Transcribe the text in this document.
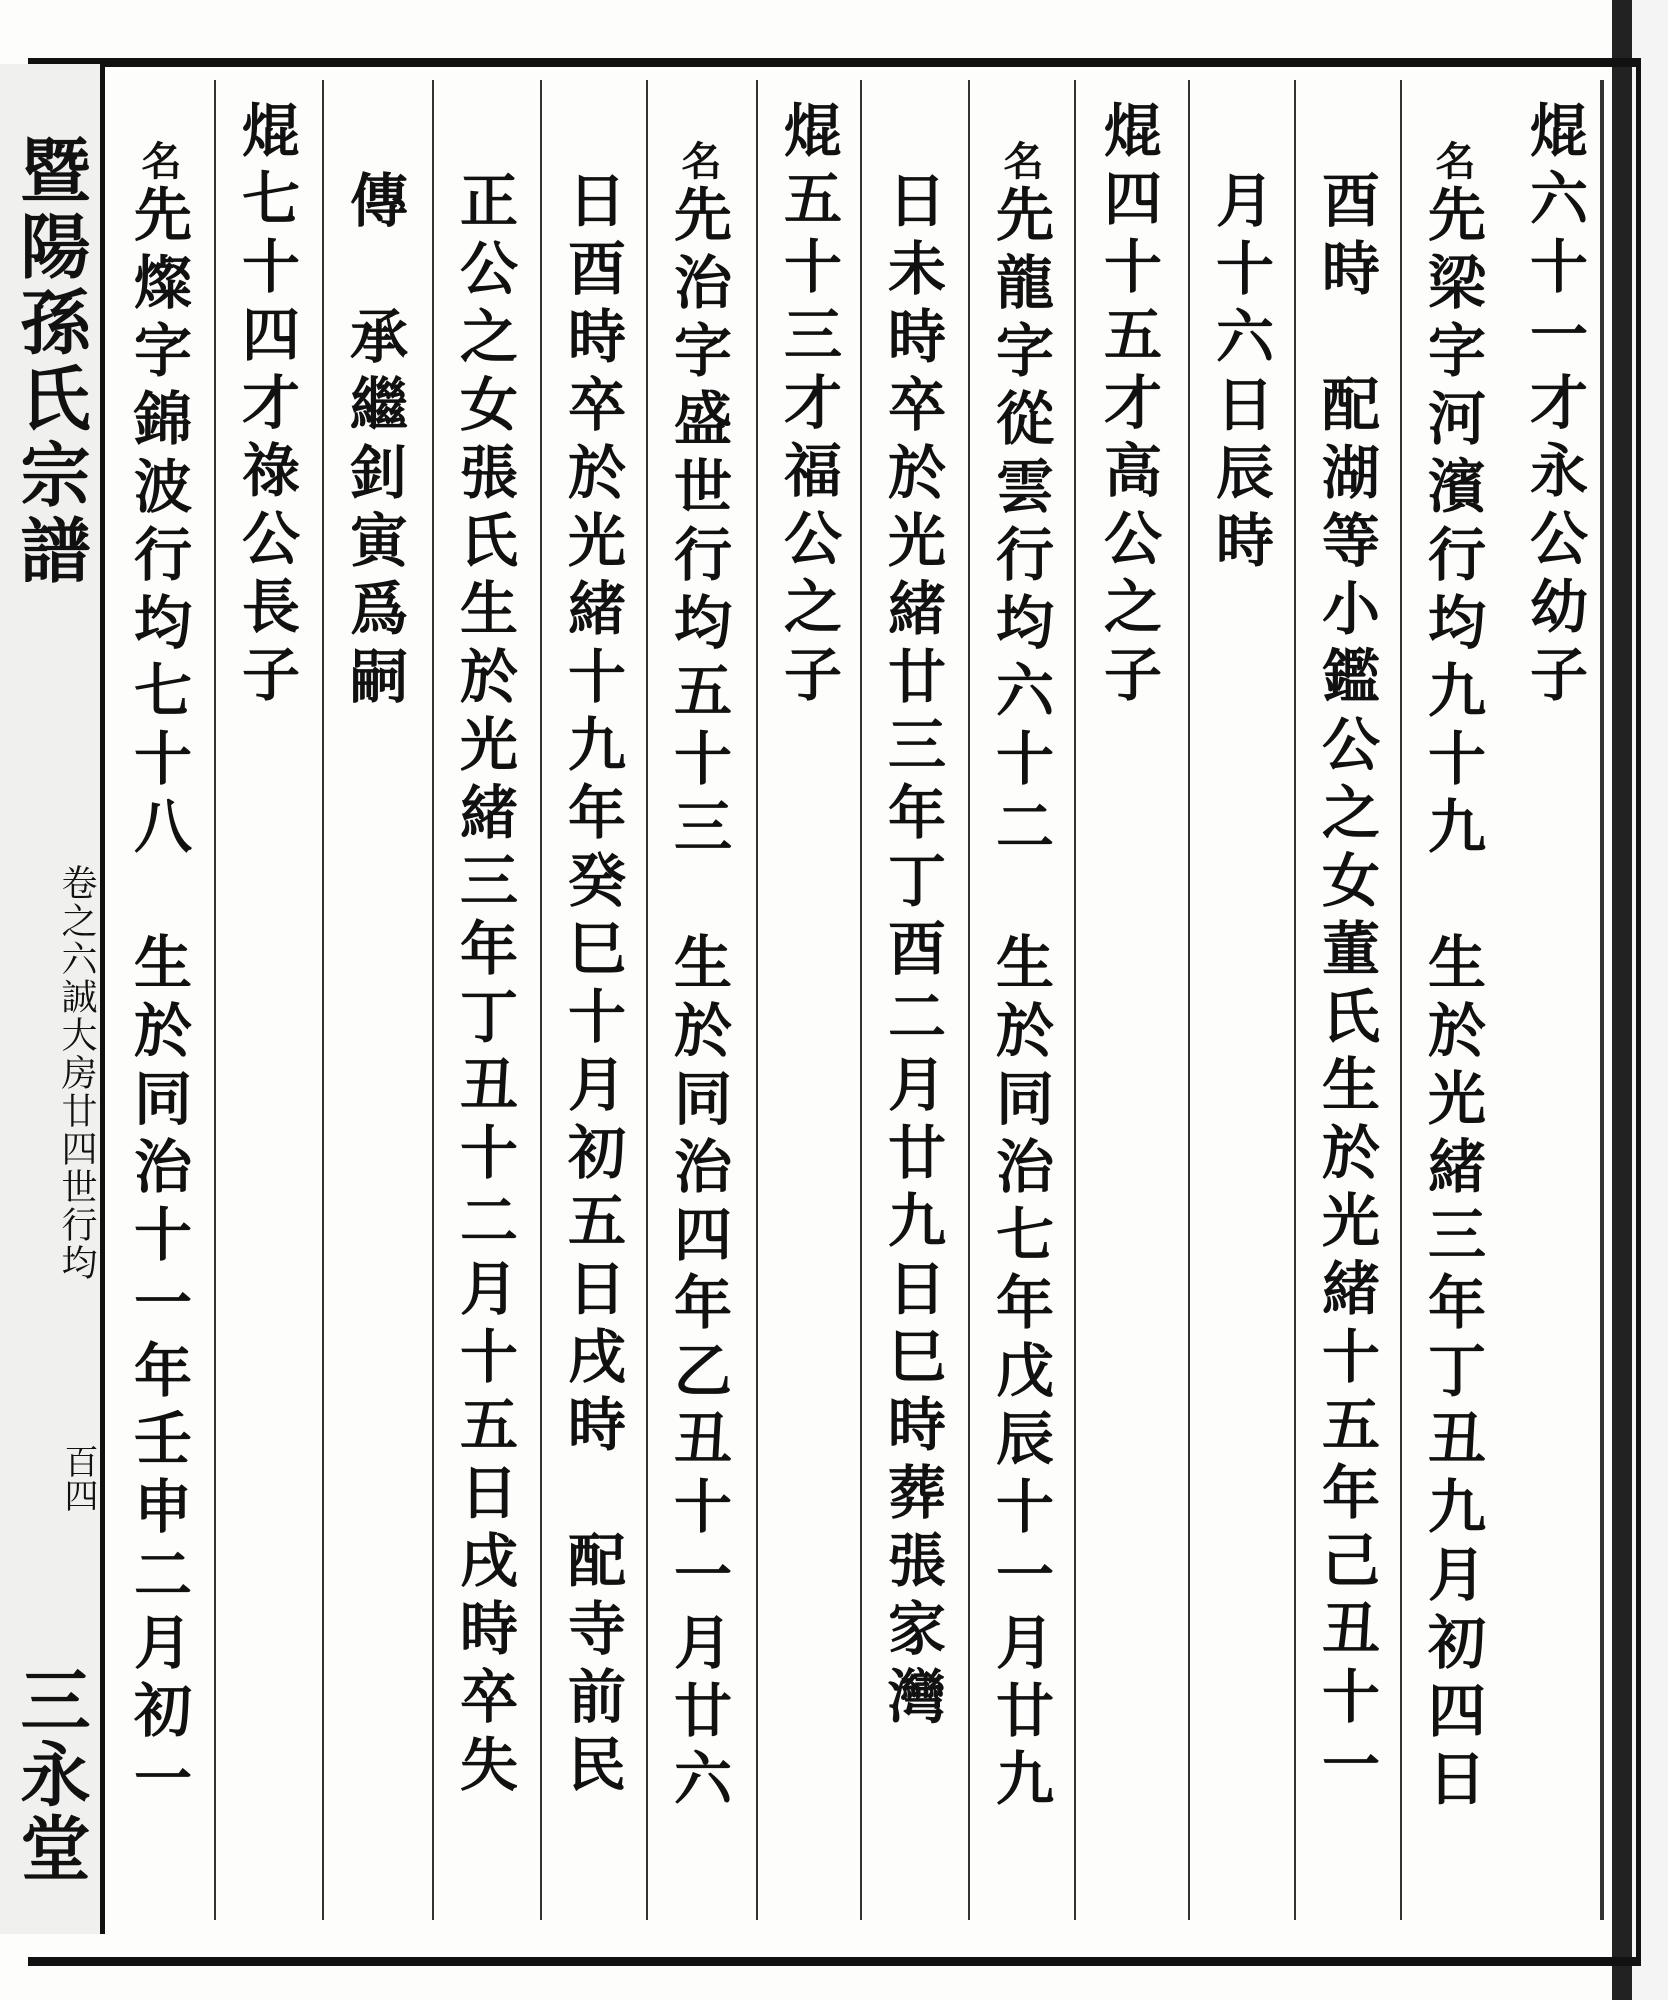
焜六十一才永公幼子
名先梁字河濱行均九十九　生於光緒三年丁丑九月初四日
酉時　配湖等小鑑公之女董氏生於光緒十五年己丑十一
月十六日辰時
焜四十五才高公之子
名先龍字從雲行均六十二　生於同治七年戊辰十一月廿九
日未時卒於光緒廿三年丁酉二月廿九日巳時葬張家灣
焜五十三才福公之子
名先治字盛世行均五十三　生於同治四年乙丑十一月廿六
日酉時卒於光緒十九年癸巳十月初五日戌時　配寺前民
正公之女張氏生於光緒三年丁丑十二月十五日戌時卒失
傳　承繼釗寅爲嗣
焜七十四才祿公長子
名先燦字錦波行均七十八　生於同治十一年壬申二月初一
暨陽孫氏宗譜
卷之六誠大房廿四世行均
百四
三永堂
